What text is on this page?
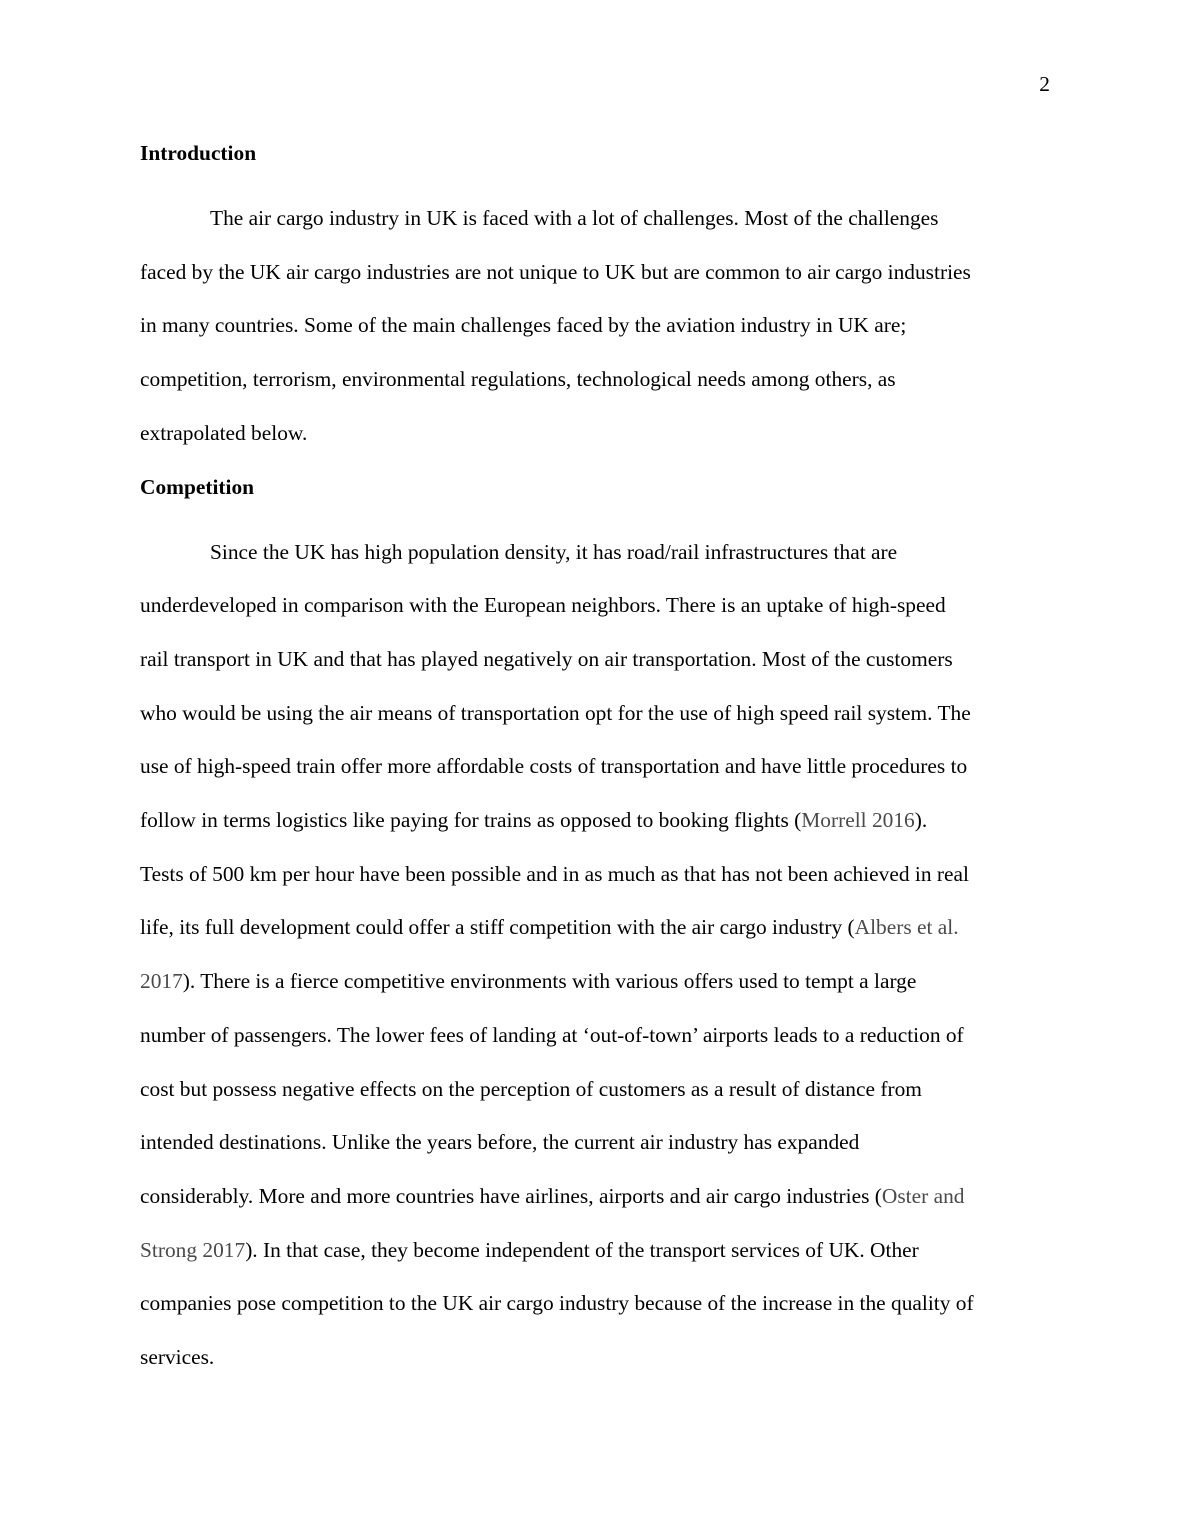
2

Introduction

The air cargo industry in UK is faced with a lot of challenges. Most of the challenges
faced by the UK air cargo industries are not unique to UK but are common to air cargo industries
in many countries. Some of the main challenges faced by the aviation industry in UK are;
competition, terrorism, environmental regulations, technological needs among others, as
extrapolated below.

Competition

Since the UK has high population density, it has road/rail infrastructures that are
underdeveloped in comparison with the European neighbors. There is an uptake of high-speed
rail transport in UK and that has played negatively on air transportation. Most of the customers
who would be using the air means of transportation opt for the use of high speed rail system. The
use of high-speed train offer more affordable costs of transportation and have little procedures to
follow in terms logistics like paying for trains as opposed to booking flights (Morrell 2016).
Tests of 500 km per hour have been possible and in as much as that has not been achieved in real
life, its full development could offer a stiff competition with the air cargo industry (Albers et al.
2017). There is a fierce competitive environments with various offers used to tempt a large
number of passengers. The lower fees of landing at ‘out-of-town’ airports leads to a reduction of
cost but possess negative effects on the perception of customers as a result of distance from
intended destinations. Unlike the years before, the current air industry has expanded
considerably. More and more countries have airlines, airports and air cargo industries (Oster and
Strong 2017). In that case, they become independent of the transport services of UK. Other
companies pose competition to the UK air cargo industry because of the increase in the quality of
services.
